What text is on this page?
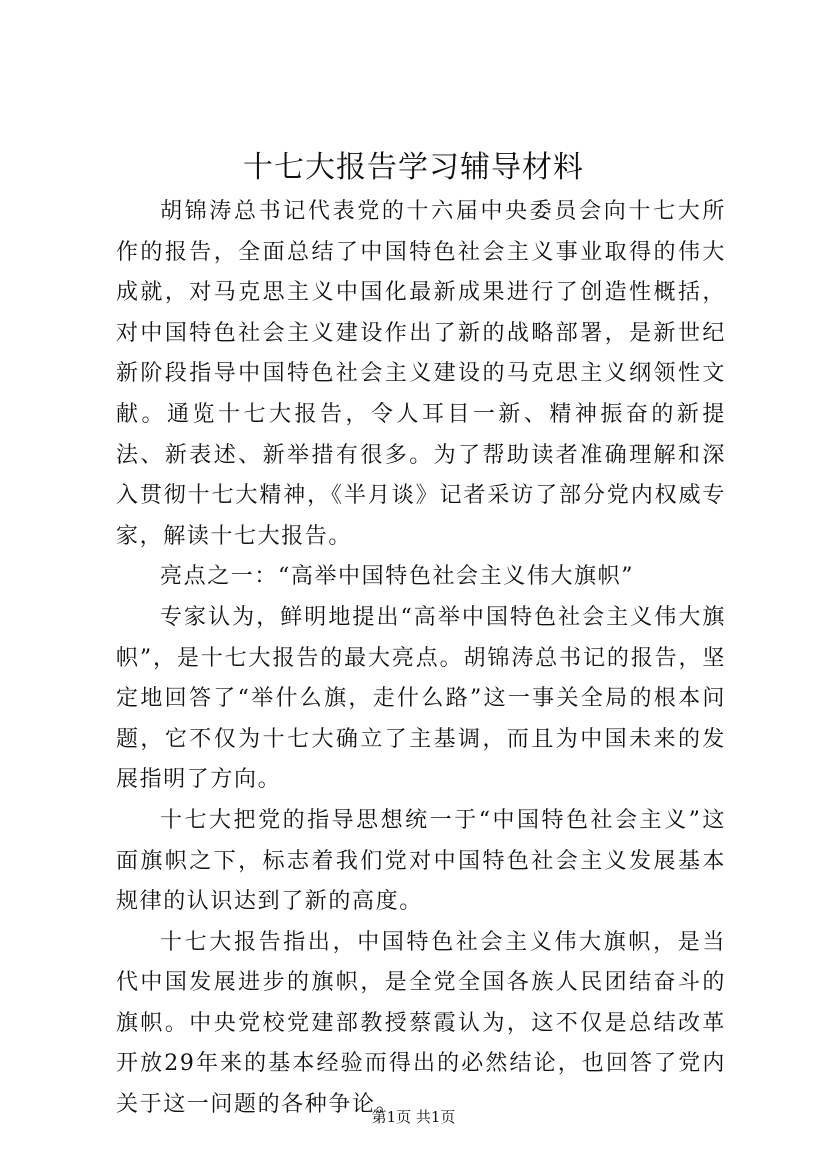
十七大报告学习辅导材料

胡锦涛总书记代表党的十六届中央委员会向十七大所作的报告，全面总结了中国特色社会主义事业取得的伟大成就，对马克思主义中国化最新成果进行了创造性概括，对中国特色社会主义建设作出了新的战略部署，是新世纪新阶段指导中国特色社会主义建设的马克思主义纲领性文献。通览十七大报告，令人耳目一新、精神振奋的新提法、新表述、新举措有很多。为了帮助读者准确理解和深入贯彻十七大精神，《半月谈》记者采访了部分党内权威专家，解读十七大报告。

亮点之一：“高举中国特色社会主义伟大旗帜”

专家认为，鲜明地提出“高举中国特色社会主义伟大旗帜”，是十七大报告的最大亮点。胡锦涛总书记的报告，坚定地回答了“举什么旗，走什么路”这一事关全局的根本问题，它不仅为十七大确立了主基调，而且为中国未来的发展指明了方向。

十七大把党的指导思想统一于“中国特色社会主义”这面旗帜之下，标志着我们党对中国特色社会主义发展基本规律的认识达到了新的高度。

十七大报告指出，中国特色社会主义伟大旗帜，是当代中国发展进步的旗帜，是全党全国各族人民团结奋斗的旗帜。中央党校党建部教授蔡霞认为，这不仅是总结改革开放29年来的基本经验而得出的必然结论，也回答了党内关于这一问题的各种争论。

第1页 共1页
